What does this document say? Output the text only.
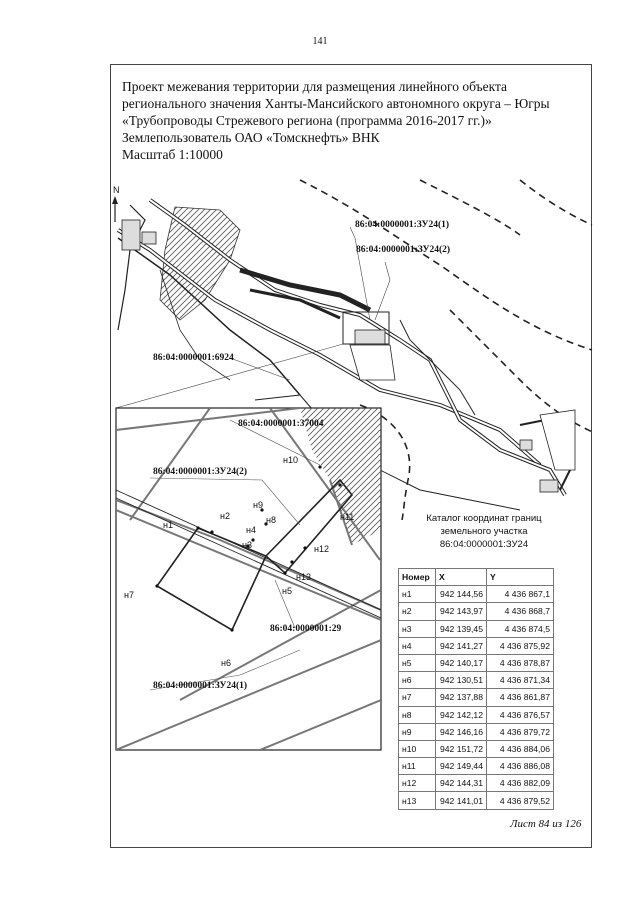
141
Проект межевания территории для размещения линейного объекта
регионального значения Ханты-Мансийского автономного округа – Югры
«Трубопроводы Стрежевого региона (программа 2016-2017 гг.)»
Землепользователь ОАО «Томскнефть» ВНК
Масштаб 1:10000
N
86:04:0000001:ЗУ24(1)
86:04:0000001:ЗУ24(2)
86:04:0000001:6924
н1
н2
н3
н4
н5
н6
н7
н8
н9
н10
н11
н12
н13
86:04:0000001:37004
86:04:0000001:ЗУ24(2)
86:04:0000001:29
86:04:0000001:ЗУ24(1)
Каталог координат границ
земельного участка
86:04:0000001:ЗУ24
Номер	X	Y
н1	942 144,56	4 436 867,1
н2	942 143,97	4 436 868,7
н3	942 139,45	4 436 874,5
н4	942 141,27	4 436 875,92
н5	942 140,17	4 436 878,87
н6	942 130,51	4 436 871,34
н7	942 137,88	4 436 861,87
н8	942 142,12	4 436 876,57
н9	942 146,16	4 436 879,72
н10	942 151,72	4 436 884,06
н11	942 149,44	4 436 886,08
н12	942 144,31	4 436 882,09
н13	942 141,01	4 436 879,52
Лист 84 из 126
